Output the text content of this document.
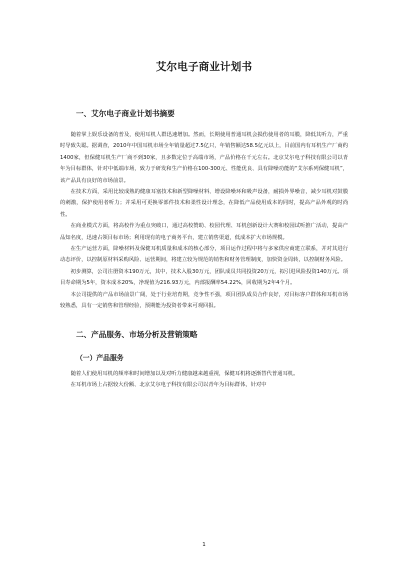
艾尔电子商业计划书
一、艾尔电子商业计划书摘要

随着掌上娱乐设备的普及，使用耳机人群迅速增加。然而，长期使用普通耳机会损伤使用者的耳膜，降低其听力，严重时导致失聪。据调查，2010年中国耳机市场全年销量超过7.5亿只，年销售额达58.5亿元以上，目前国内有耳机生产厂商约1400家，但保健耳机生产厂商不到30家，且多数定位于高端市场，产品价格在千元左右。北京艾尔电子科技有限公司以青年为目标群体，针对中低端市场，致力于研发和生产价格在100-300元、性能优良、具有降噪功能的“艾尔系列保健耳机”，该产品具有良好的市场前景。

在技术方面，采用比较成熟的健康耳塞技术和新型降噪材料、增设降噪环和吸声设备，耐损外界噪音，减少耳机对鼓膜的刺激，保护使用者听力；并采用可更换零部件技术和柔性设计理念，在降低产品使用成本的同时，提高产品外观的时尚性。

在商业模式方面，将高校作为重点突破口，通过高校赞助、校园代理、耳机创新设计大赛和校园试听推广活动，提高产品知名度，迅速占领目标市场；利用现有的电子商务平台，建立销售渠道，低成本扩大市场规模。

在生产运营方面，降噪材料及保健耳机质量和成本的核心部分，项目运作过程中将与多家供应商建立联系，并对其进行动态评价，以控制原材料采购风险、运营期间，将建立较为规范的销售和财务管理制度，加快资金周转，以控制财务风险。

初步测算，公司注册资本190万元，其中，技术入股30万元，团队成员共同投资20万元，拟引进风险投资140万元。项目寿命期为5年，资本成本20%，净现值为216.93万元，内部报酬率54.22%，回收期为2年4个月。

本公司提供的产品市场前景广阔，处于行业培育期，竞争性不强，项目团队成员合作良好，对目标客户群体和耳机市场较熟悉，具有一定销售和管理经验，预期能为投资者带来可观回报。

二、产品服务、市场分析及营销策略
（一）产品服务

随着人们使用耳机的频率和时间增加以及对听力健康越来越重视，保健耳机将逐渐替代普通耳机。

在耳机市场上占据较大份额、北京艾尔电子科技有限公司以青年为目标群体，针对中

1
